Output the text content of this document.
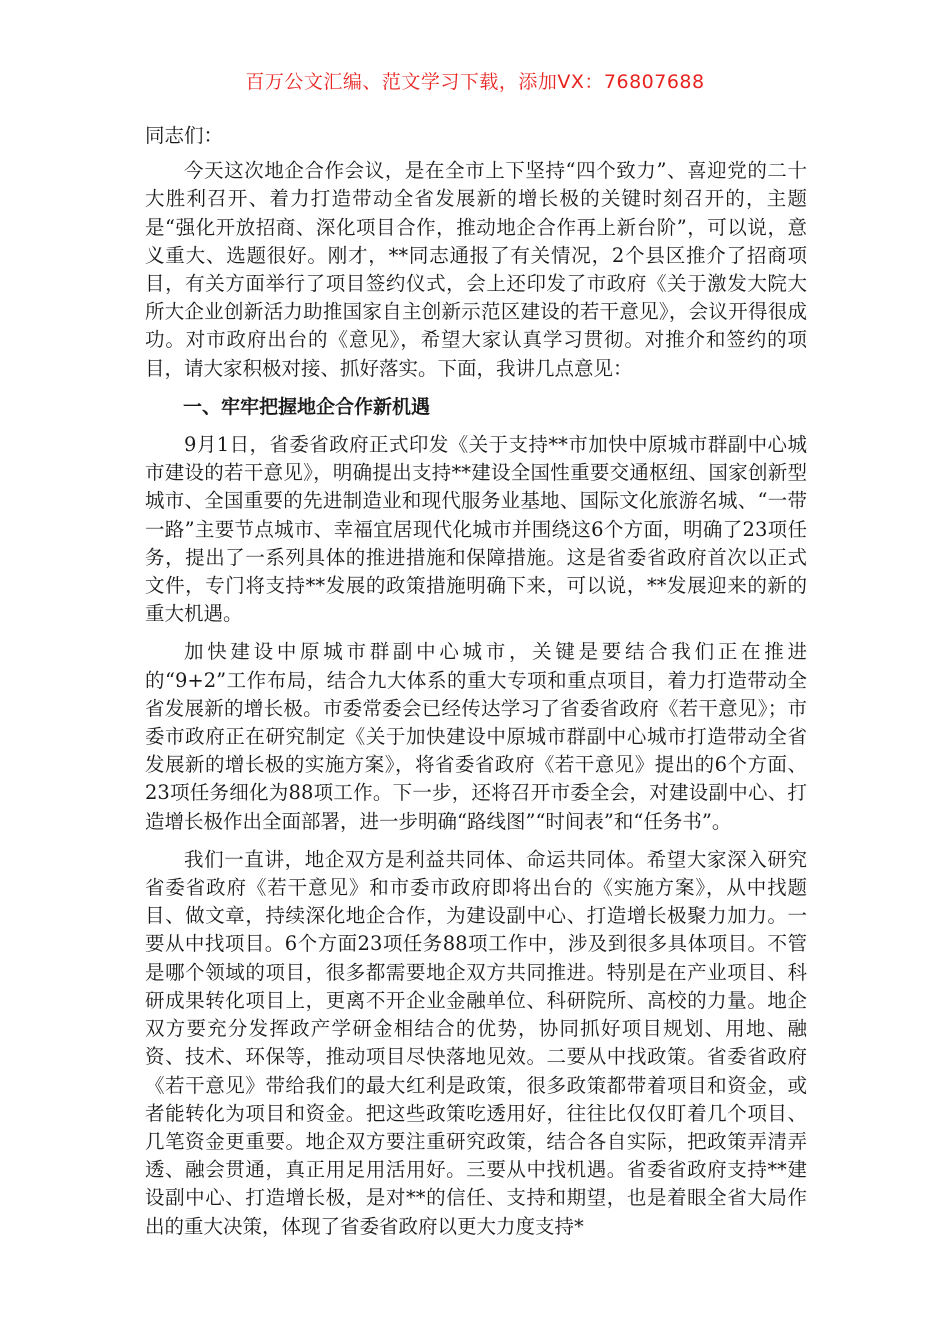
百万公文汇编、范文学习下载，添加VX：76807688

同志们：

今天这次地企合作会议，是在全市上下坚持“四个致力”、喜迎党的二十大胜利召开、着力打造带动全省发展新的增长极的关键时刻召开的，主题是“强化开放招商、深化项目合作，推动地企合作再上新台阶”，可以说，意义重大、选题很好。刚才，**同志通报了有关情况，2个县区推介了招商项目，有关方面举行了项目签约仪式，会上还印发了市政府《关于激发大院大所大企业创新活力助推国家自主创新示范区建设的若干意见》，会议开得很成功。对市政府出台的《意见》，希望大家认真学习贯彻。对推介和签约的项目，请大家积极对接、抓好落实。下面，我讲几点意见：

一、牢牢把握地企合作新机遇

9月1日，省委省政府正式印发《关于支持**市加快中原城市群副中心城市建设的若干意见》，明确提出支持**建设全国性重要交通枢纽、国家创新型城市、全国重要的先进制造业和现代服务业基地、国际文化旅游名城、“一带一路”主要节点城市、幸福宜居现代化城市并围绕这6个方面，明确了23项任务，提出了一系列具体的推进措施和保障措施。这是省委省政府首次以正式文件，专门将支持**发展的政策措施明确下来，可以说，**发展迎来的新的重大机遇。

加快建设中原城市群副中心城市，关键是要结合我们正在推进的“9+2”工作布局，结合九大体系的重大专项和重点项目，着力打造带动全省发展新的增长极。市委常委会已经传达学习了省委省政府《若干意见》；市委市政府正在研究制定《关于加快建设中原城市群副中心城市打造带动全省发展新的增长极的实施方案》，将省委省政府《若干意见》提出的6个方面、23项任务细化为88项工作。下一步，还将召开市委全会，对建设副中心、打造增长极作出全面部署，进一步明确“路线图”“时间表”和“任务书”。

我们一直讲，地企双方是利益共同体、命运共同体。希望大家深入研究省委省政府《若干意见》和市委市政府即将出台的《实施方案》，从中找题目、做文章，持续深化地企合作，为建设副中心、打造增长极聚力加力。一要从中找项目。6个方面23项任务88项工作中，涉及到很多具体项目。不管是哪个领域的项目，很多都需要地企双方共同推进。特别是在产业项目、科研成果转化项目上，更离不开企业金融单位、科研院所、高校的力量。地企双方要充分发挥政产学研金相结合的优势，协同抓好项目规划、用地、融资、技术、环保等，推动项目尽快落地见效。二要从中找政策。省委省政府《若干意见》带给我们的最大红利是政策，很多政策都带着项目和资金，或者能转化为项目和资金。把这些政策吃透用好，往往比仅仅盯着几个项目、几笔资金更重要。地企双方要注重研究政策，结合各自实际，把政策弄清弄透、融会贯通，真正用足用活用好。三要从中找机遇。省委省政府支持**建设副中心、打造增长极，是对**的信任、支持和期望，也是着眼全省大局作出的重大决策，体现了省委省政府以更大力度支持*
